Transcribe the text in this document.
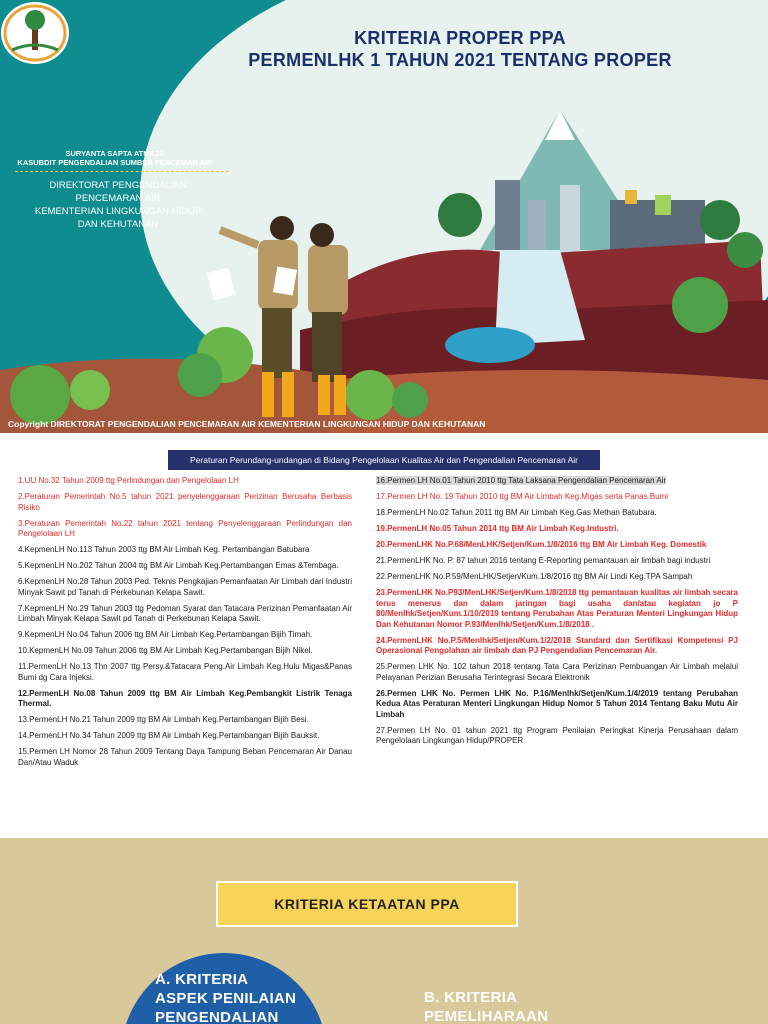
KRITERIA PROPER PPA
PERMENLHK 1 TAHUN 2021 TENTANG PROPER
SURYANTA SAPTA ATMAJA
KASUBDIT PENGENDALIAN SUMBER PENCEMAR AIR
DIREKTORAT PENGENDALIAN
PENCEMARAN AIR
KEMENTERIAN LINGKUNGAN HIDUP
DAN KEHUTANAN
Copyright DIREKTORAT PENGENDALIAN PENCEMARAN AIR KEMENTERIAN LINGKUNGAN HIDUP DAN KEHUTANAN
Peraturan Perundang-undangan di Bidang Pengelolaan Kualitas Air dan Pengendalian Pencemaran Air
1.UU No.32 Tahun 2009 ttg Perlindungan dan Pengelolaan LH
2.Peraturan Pemerintah No.5 tahun 2021 penyelenggaraan Perizinan Berusaha Berbasis Risiko
3.Peraturan Pemerintah No.22 tahun 2021 tentang Penyelenggaraan Perlindungan dan Pengelolaan LH
4.KepmenLH No.113 Tahun 2003 ttg BM Air Limbah Keg. Pertambangan Batubara
5.KepmenLH No.202 Tahun 2004 ttg BM Air Limbah Keg.Pertambangan Emas &Tembaga.
6.KepmenLH No.28 Tahun 2003 Ped. Teknis Pengkajian Pemanfaatan Air Limbah dari Industri Minyak Sawit pd Tanah di Perkebunan Kelapa Sawit.
7.KepmenLH No.29 Tahun 2003 ttg Pedoman Syarat dan Tatacara Perizinan Pemanfaatan Air Limbah Minyak Kelapa Sawit pd Tanah di Perkebunan Kelapa Sawit.
9.KepmenLH No.04 Tahun 2006 ttg BM Air Limbah Keg.Pertambangan Bijih Timah.
10.KepmenLH No.09 Tahun 2006 ttg BM Air Limbah Keg.Pertambangan Bijih Nikel.
11.PermenLH No.13 Thn 2007 ttg Persy.&Tatacara Peng.Air Limbah Keg.Hulu Migas&Panas Bumi dg Cara Injeksi.
12.PermenLH No.08 Tahun 2009 ttg BM Air Limbah Keg.Pembangkit Listrik Tenaga Thermal.
13.PermenLH No.21 Tahun 2009 ttg BM Air Limbah Keg.Pertambangan Bijih Besi.
14.PermenLH No.34 Tahun 2009 ttg BM Air Limbah Keg.Pertambangan Bijih Bauksit.
15.Permen LH Nomor 28 Tahun 2009 Tentang Daya Tampung Beban Pencemaran Air Danau Dan/Atau Waduk
16.Permen LH No.01 Tahun 2010 ttg Tata Laksana Pengendalian Pencemaran Air
17.Permen LH No. 19 Tahun 2010 ttg BM Air Limbah Keg.Migas serta Panas Bumi
18.PermenLH No.02 Tahun 2011 ttg BM Air Limbah Keg.Gas Methan Batubara.
19.PermenLH No.05 Tahun 2014 ttg BM Air Limbah Keg.Industri.
20.PermenLHK No.P.68/MenLHK/Setjen/Kum.1/8/2016 ttg BM Air Limbah Keg. Domestik
21.PermenLHK No. P. 87 tahun 2016 tentang E-Reporting pemantauan air limbah bagi industri
22.PermenLHK No.P.59/MenLHK/Setjen/Kum.1/8/2016 ttg BM Air Lindi Keg.TPA Sampah
23.PermenLHK No.P93/MenLHK/Setjen/Kum.1/8/2018 ttg pemantauan kualitas air limbah secara terus menerus dan dalam jaringan bagi usaha dan/atau kegiatan jo P 80/Menlhk/Setjen/Kum.1/10/2019 tentang Perubahan Atas Peraturan Menteri Lingkungan Hidup Dan Kehutanan Nomor P.93/Menlhk/Setjen/Kum.1/8/2018 .
24.PermenLHK No.P.5/Menlhk/Setjen/Kum.1/2/2018 Standard dan Sertifikasi Kompetensi PJ Operasional Pengolahan air limbah dan PJ Pengendalian Pencemaran Air.
25.Permen LHK No. 102 tahun 2018 tentang Tata Cara Perizinan Pembuangan Air Limbah melalui Pelayanan Perizian Berusaha Terintegrasi Secara Elektronik
26.Permen LHK No. Permen LHK No. P.16/Menlhk/Setjen/Kum.1/4/2019 tentang Perubahan Kedua Atas Peraturan Menteri Lingkungan Hidup Nomor 5 Tahun 2014 Tentang Baku Mutu Air Limbah
27.Permen LH No. 01 tahun 2021 ttg Program Penilaian Peringkat Kinerja Perusahaan dalam Pengelolaan Lingkungan Hidup/PROPER
KRITERIA KETAATAN PPA
A. KRITERIA
ASPEK PENILAIAN
PENGENDALIAN
B. KRITERIA
PEMELIHARAAN
